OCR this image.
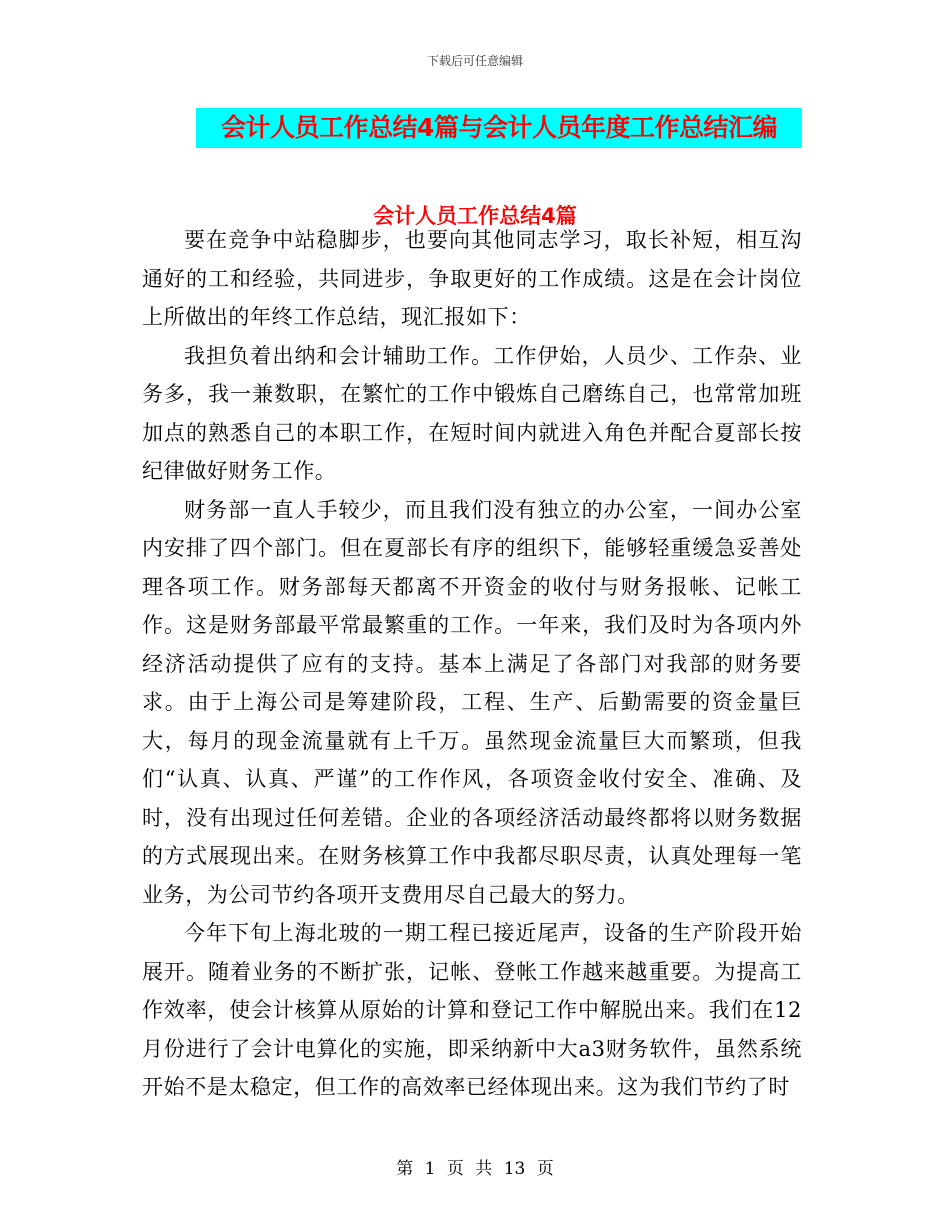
下载后可任意编辑
会计人员工作总结4篇与会计人员年度工作总结汇编
会计人员工作总结4篇

要在竞争中站稳脚步，也要向其他同志学习，取长补短，相互沟通好的工和经验，共同进步，争取更好的工作成绩。这是在会计岗位上所做出的年终工作总结，现汇报如下：

我担负着出纳和会计辅助工作。工作伊始，人员少、工作杂、业务多，我一兼数职，在繁忙的工作中锻炼自己磨练自己，也常常加班加点的熟悉自己的本职工作，在短时间内就进入角色并配合夏部长按纪律做好财务工作。

财务部一直人手较少，而且我们没有独立的办公室，一间办公室内安排了四个部门。但在夏部长有序的组织下，能够轻重缓急妥善处理各项工作。财务部每天都离不开资金的收付与财务报帐、记帐工作。这是财务部最平常最繁重的工作。一年来，我们及时为各项内外经济活动提供了应有的支持。基本上满足了各部门对我部的财务要求。由于上海公司是筹建阶段，工程、生产、后勤需要的资金量巨大，每月的现金流量就有上千万。虽然现金流量巨大而繁琐，但我们“认真、认真、严谨”的工作作风，各项资金收付安全、准确、及时，没有出现过任何差错。企业的各项经济活动最终都将以财务数据的方式展现出来。在财务核算工作中我都尽职尽责，认真处理每一笔业务，为公司节约各项开支费用尽自己最大的努力。

今年下旬上海北玻的一期工程已接近尾声，设备的生产阶段开始展开。随着业务的不断扩张，记帐、登帐工作越来越重要。为提高工作效率，使会计核算从原始的计算和登记工作中解脱出来。我们在12月份进行了会计电算化的实施，即采纳新中大a3财务软件，虽然系统开始不是太稳定，但工作的高效率已经体现出来。这为我们节约了时

第 1 页 共 13 页
